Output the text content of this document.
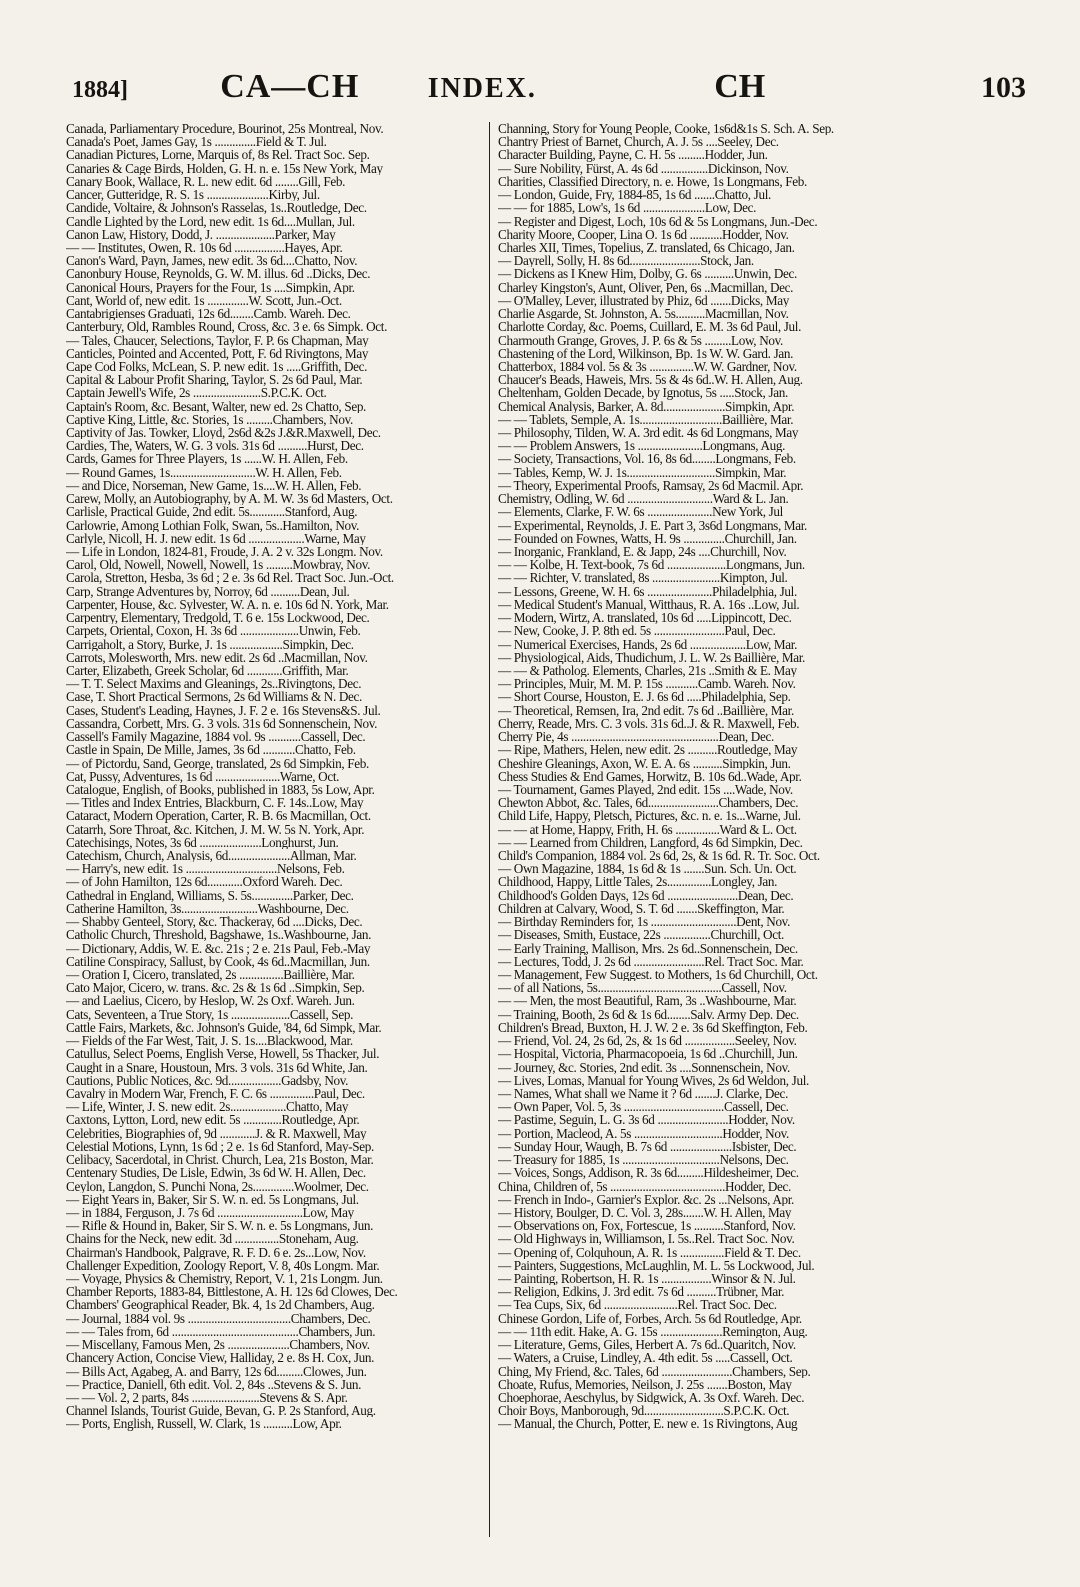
1884]	CA—CH	INDEX.	CH	103
Canada, Parliamentary Procedure, Bourinot, 25s Montreal, Nov.
Canada's Poet, James Gay, 1s ..............Field & T. Jul.
Canadian Pictures, Lorne, Marquis of, 8s Rel. Tract Soc. Sep.
Canaries & Cage Birds, Holden, G. H. n. e. 15s New York, May
Canary Book, Wallace, R. L. new edit. 6d ........Gill, Feb.
Cancer, Gutteridge, R. S. 1s .....................Kirby, Jul.
Candide, Voltaire, & Johnson's Rasselas, 1s..Routledge, Dec.
Candle Lighted by the Lord, new edit. 1s 6d....Mullan, Jul.
Canon Law, History, Dodd, J. ....................Parker, May
— — Institutes, Owen, R. 10s 6d .................Hayes, Apr.
Canon's Ward, Payn, James, new edit. 3s 6d....Chatto, Nov.
Canonbury House, Reynolds, G. W. M. illus. 6d ..Dicks, Dec.
Canonical Hours, Prayers for the Four, 1s ....Simpkin, Apr.
Cant, World of, new edit. 1s ..............W. Scott, Jun.-Oct.
Cantabrigienses Graduati, 12s 6d........Camb. Wareh. Dec.
Canterbury, Old, Rambles Round, Cross, &c. 3 e. 6s Simpk. Oct.
— Tales, Chaucer, Selections, Taylor, F. P. 6s Chapman, May
Canticles, Pointed and Accented, Pott, F. 6d Rivingtons, May
Cape Cod Folks, McLean, S. P. new edit. 1s .....Griffith, Dec.
Capital & Labour Profit Sharing, Taylor, S. 2s 6d Paul, Mar.
Captain Jewell's Wife, 2s .......................S.P.C.K. Oct.
Captain's Room, &c. Besant, Walter, new ed. 2s Chatto, Sep.
Captive King, Little, &c. Stories, 1s .........Chambers, Nov.
Captivity of Jas. Towker, Lloyd, 2s6d &2s J.&R.Maxwell, Dec.
Cardies, The, Waters, W. G. 3 vols. 31s 6d ..........Hurst, Dec.
Cards, Games for Three Players, 1s ......W. H. Allen, Feb.
— Round Games, 1s.............................W. H. Allen, Feb.
— and Dice, Norseman, New Game, 1s....W. H. Allen, Feb.
Carew, Molly, an Autobiography, by A. M. W. 3s 6d Masters, Oct.
Carlisle, Practical Guide, 2nd edit. 5s............Stanford, Aug.
Carlowrie, Among Lothian Folk, Swan, 5s..Hamilton, Nov.
Carlyle, Nicoll, H. J. new edit. 1s 6d ...................Warne, May
— Life in London, 1824-81, Froude, J. A. 2 v. 32s Longm. Nov.
Carol, Old, Nowell, Nowell, Nowell, 1s .........Mowbray, Nov.
Carola, Stretton, Hesba, 3s 6d ; 2 e. 3s 6d Rel. Tract Soc. Jun.-Oct.
Carp, Strange Adventures by, Norroy, 6d ..........Dean, Jul.
Carpenter, House, &c. Sylvester, W. A. n. e. 10s 6d N. York, Mar.
Carpentry, Elementary, Tredgold, T. 6 e. 15s Lockwood, Dec.
Carpets, Oriental, Coxon, H. 3s 6d ....................Unwin, Feb.
Carrigaholt, a Story, Burke, J. 1s ..................Simpkin, Dec.
Carrots, Molesworth, Mrs. new edit. 2s 6d ..Macmillan, Nov.
Carter, Elizabeth, Greek Scholar, 6d ............Griffith, Mar.
— T. T. Select Maxims and Gleanings, 2s..Rivingtons, Dec.
Case, T. Short Practical Sermons, 2s 6d Williams & N. Dec.
Cases, Student's Leading, Haynes, J. F. 2 e. 16s Stevens&S. Jul.
Cassandra, Corbett, Mrs. G. 3 vols. 31s 6d Sonnenschein, Nov.
Cassell's Family Magazine, 1884 vol. 9s ...........Cassell, Dec.
Castle in Spain, De Mille, James, 3s 6d ...........Chatto, Feb.
— of Pictordu, Sand, George, translated, 2s 6d Simpkin, Feb.
Cat, Pussy, Adventures, 1s 6d ......................Warne, Oct.
Catalogue, English, of Books, published in 1883, 5s Low, Apr.
— Titles and Index Entries, Blackburn, C. F. 14s..Low, May
Cataract, Modern Operation, Carter, R. B. 6s Macmillan, Oct.
Catarrh, Sore Throat, &c. Kitchen, J. M. W. 5s N. York, Apr.
Catechisings, Notes, 3s 6d .....................Longhurst, Jun.
Catechism, Church, Analysis, 6d.....................Allman, Mar.
— Harry's, new edit. 1s ...............................Nelsons, Feb.
— of John Hamilton, 12s 6d............Oxford Wareh. Dec.
Cathedral in England, Williams, S. 5s..............Parker, Dec.
Catherine Hamilton, 3s..........................Washbourne, Dec.
— Shabby Genteel, Story, &c. Thackeray, 6d ....Dicks, Dec.
Catholic Church, Threshold, Bagshawe, 1s..Washbourne, Jan.
— Dictionary, Addis, W. E. &c. 21s ; 2 e. 21s Paul, Feb.-May
Catiline Conspiracy, Sallust, by Cook, 4s 6d..Macmillan, Jun.
— Oration I, Cicero, translated, 2s ...............Baillière, Mar.
Cato Major, Cicero, w. trans. &c. 2s & 1s 6d ..Simpkin, Sep.
— and Laelius, Cicero, by Heslop, W. 2s Oxf. Wareh. Jun.
Cats, Seventeen, a True Story, 1s ....................Cassell, Sep.
Cattle Fairs, Markets, &c. Johnson's Guide, '84, 6d Simpk, Mar.
— Fields of the Far West, Tait, J. S. 1s....Blackwood, Mar.
Catullus, Select Poems, English Verse, Howell, 5s Thacker, Jul.
Caught in a Snare, Houstoun, Mrs. 3 vols. 31s 6d White, Jan.
Cautions, Public Notices, &c. 9d..................Gadsby, Nov.
Cavalry in Modern War, French, F. C. 6s ...............Paul, Dec.
— Life, Winter, J. S. new edit. 2s...................Chatto, May
Caxtons, Lytton, Lord, new edit. 5s .............Routledge, Apr.
Celebrities, Biographies of, 9d ............J. & R. Maxwell, May
Celestial Motions, Lynn, 1s 6d ; 2 e. 1s 6d Stanford, May-Sep.
Celibacy, Sacerdotal, in Christ. Church, Lea, 21s Boston, Mar.
Centenary Studies, De Lisle, Edwin, 3s 6d W. H. Allen, Dec.
Ceylon, Langdon, S. Punchi Nona, 2s..............Woolmer, Dec.
— Eight Years in, Baker, Sir S. W. n. ed. 5s Longmans, Jul.
— in 1884, Ferguson, J. 7s 6d .............................Low, May
— Rifle & Hound in, Baker, Sir S. W. n. e. 5s Longmans, Jun.
Chains for the Neck, new edit. 3d ...............Stoneham, Aug.
Chairman's Handbook, Palgrave, R. F. D. 6 e. 2s...Low, Nov.
Challenger Expedition, Zoology Report, V. 8, 40s Longm. Mar.
— Voyage, Physics & Chemistry, Report, V. 1, 21s Longm. Jun.
Chamber Reports, 1883-84, Bittlestone, A. H. 12s 6d Clowes, Dec.
Chambers' Geographical Reader, Bk. 4, 1s 2d Chambers, Aug.
— Journal, 1884 vol. 9s ...................................Chambers, Dec.
— — Tales from, 6d ...........................................Chambers, Jun.
— Miscellany, Famous Men, 2s .....................Chambers, Nov.
Chancery Action, Concise View, Halliday, 2 e. 8s H. Cox, Jun.
— Bills Act, Agabeg, A. and Barry, 12s 6d.........Clowes, Jun.
— Practice, Daniell, 6th edit. Vol. 2, 84s ..Stevens & S. Jun.
— — Vol. 2, 2 parts, 84s .......................Stevens & S. Apr.
Channel Islands, Tourist Guide, Bevan, G. P. 2s Stanford, Aug.
— Ports, English, Russell, W. Clark, 1s ..........Low, Apr.
Channing, Story for Young People, Cooke, 1s6d&1s S. Sch. A. Sep.
Chantry Priest of Barnet, Church, A. J. 5s ....Seeley, Dec.
Character Building, Payne, C. H. 5s .........Hodder, Jun.
— Sure Nobility, Fürst, A. 4s 6d ................Dickinson, Nov.
Charities, Classified Directory, n. e. Howe, 1s Longmans, Feb.
— London, Guide, Fry, 1884-85, 1s 6d .......Chatto, Jul.
— — for 1885, Low's, 1s 6d .....................Low, Dec.
— Register and Digest, Loch, 10s 6d & 5s Longmans, Jun.-Dec.
Charity Moore, Cooper, Lina O. 1s 6d ...........Hodder, Nov.
Charles XII, Times, Topelius, Z. translated, 6s Chicago, Jan.
— Dayrell, Solly, H. 8s 6d........................Stock, Jan.
— Dickens as I Knew Him, Dolby, G. 6s ..........Unwin, Dec.
Charley Kingston's, Aunt, Oliver, Pen, 6s ..Macmillan, Dec.
— O'Malley, Lever, illustrated by Phiz, 6d .......Dicks, May
Charlie Asgarde, St. Johnston, A. 5s..........Macmillan, Nov.
Charlotte Corday, &c. Poems, Cuillard, E. M. 3s 6d Paul, Jul.
Charmouth Grange, Groves, J. P. 6s & 5s .........Low, Nov.
Chastening of the Lord, Wilkinson, Bp. 1s W. W. Gard. Jan.
Chatterbox, 1884 vol. 5s & 3s ...............W. W. Gardner, Nov.
Chaucer's Beads, Haweis, Mrs. 5s & 4s 6d..W. H. Allen, Aug.
Cheltenham, Golden Decade, by Ignotus, 5s .....Stock, Jan.
Chemical Analysis, Barker, A. 8d.....................Simpkin, Apr.
— — Tablets, Semple, A. 1s............................Baillière, Mar.
— Philosophy, Tilden, W. A. 3rd edit. 4s 6d Longmans, May
— — Problem Answers, 1s ......................Longmans, Aug.
— Society, Transactions, Vol. 16, 8s 6d........Longmans, Feb.
— Tables, Kemp, W. J. 1s..............................Simpkin, Mar.
— Theory, Experimental Proofs, Ramsay, 2s 6d Macmil. Apr.
Chemistry, Odling, W. 6d .............................Ward & L. Jan.
— Elements, Clarke, F. W. 6s ......................New York, Jul
— Experimental, Reynolds, J. E. Part 3, 3s6d Longmans, Mar.
— Founded on Fownes, Watts, H. 9s ..............Churchill, Jan.
— Inorganic, Frankland, E. & Japp, 24s ....Churchill, Nov.
— — Kolbe, H. Text-book, 7s 6d ....................Longmans, Jun.
— — Richter, V. translated, 8s .......................Kimpton, Jul.
— Lessons, Greene, W. H. 6s ......................Philadelphia, Jul.
— Medical Student's Manual, Witthaus, R. A. 16s ..Low, Jul.
— Modern, Wirtz, A. translated, 10s 6d .....Lippincott, Dec.
— New, Cooke, J. P. 8th ed. 5s ........................Paul, Dec.
— Numerical Exercises, Hands, 2s 6d ...................Low, Mar.
— Physiological, Aids, Thudichum, J. L. W. 2s Baillière, Mar.
— — & Patholog. Elements, Charles, 21s ..Smith & E. May
— Principles, Muir, M. M. P. 15s ...........Camb. Wareh. Nov.
— Short Course, Houston, E. J. 6s 6d .....Philadelphia, Sep.
— Theoretical, Remsen, Ira, 2nd edit. 7s 6d ..Baillière, Mar.
Cherry, Reade, Mrs. C. 3 vols. 31s 6d..J. & R. Maxwell, Feb.
Cherry Pie, 4s ..................................................Dean, Dec.
— Ripe, Mathers, Helen, new edit. 2s ..........Routledge, May
Cheshire Gleanings, Axon, W. E. A. 6s ..........Simpkin, Jun.
Chess Studies & End Games, Horwitz, B. 10s 6d..Wade, Apr.
— Tournament, Games Played, 2nd edit. 15s ....Wade, Nov.
Chewton Abbot, &c. Tales, 6d........................Chambers, Dec.
Child Life, Happy, Pletsch, Pictures, &c. n. e. 1s...Warne, Jul.
— — at Home, Happy, Frith, H. 6s ...............Ward & L. Oct.
— — Learned from Children, Langford, 4s 6d Simpkin, Dec.
Child's Companion, 1884 vol. 2s 6d, 2s, & 1s 6d. R. Tr. Soc. Oct.
— Own Magazine, 1884, 1s 6d & 1s .......Sun. Sch. Un. Oct.
Childhood, Happy, Little Tales, 2s...............Longley, Jan.
Childhood's Golden Days, 12s 6d ........................Dean, Dec.
Children at Calvary, Wood, S. T. 6d .......Skeffington, Mar.
— Birthday Reminders for, 1s .............................Dent, Nov.
— Diseases, Smith, Eustace, 22s ................Churchill, Oct.
— Early Training, Mallison, Mrs. 2s 6d..Sonnenschein, Dec.
— Lectures, Todd, J. 2s 6d ........................Rel. Tract Soc. Mar.
— Management, Few Suggest. to Mothers, 1s 6d Churchill, Oct.
— of all Nations, 5s..........................................Cassell, Nov.
— — Men, the most Beautiful, Ram, 3s ..Washbourne, Mar.
— Training, Booth, 2s 6d & 1s 6d........Salv. Army Dep. Dec.
Children's Bread, Buxton, H. J. W. 2 e. 3s 6d Skeffington, Feb.
— Friend, Vol. 24, 2s 6d, 2s, & 1s 6d .................Seeley, Nov.
— Hospital, Victoria, Pharmacopoeia, 1s 6d ..Churchill, Jun.
— Journey, &c. Stories, 2nd edit. 3s ....Sonnenschein, Nov.
— Lives, Lomas, Manual for Young Wives, 2s 6d Weldon, Jul.
— Names, What shall we Name it ? 6d .......J. Clarke, Dec.
— Own Paper, Vol. 5, 3s ..................................Cassell, Dec.
— Pastime, Seguin, L. G. 3s 6d ........................Hodder, Nov.
— Portion, Macleod, A. 5s ..............................Hodder, Nov.
— Sunday Hour, Waugh, B. 7s 6d .....................Isbister, Dec.
— Treasury for 1885, 1s .................................Nelsons, Dec.
— Voices, Songs, Addison, R. 3s 6d.........Hildesheimer, Dec.
China, Children of, 5s .......................................Hodder, Dec.
— French in Indo-, Garnier's Explor. &c. 2s ...Nelsons, Apr.
— History, Boulger, D. C. Vol. 3, 28s.......W. H. Allen, May
— Observations on, Fox, Fortescue, 1s ..........Stanford, Nov.
— Old Highways in, Williamson, I. 5s..Rel. Tract Soc. Nov.
— Opening of, Colquhoun, A. R. 1s ...............Field & T. Dec.
— Painters, Suggestions, McLaughlin, M. L. 5s Lockwood, Jul.
— Painting, Robertson, H. R. 1s .................Winsor & N. Jul.
— Religion, Edkins, J. 3rd edit. 7s 6d ..........Trübner, Mar.
— Tea Cups, Six, 6d .........................Rel. Tract Soc. Dec.
Chinese Gordon, Life of, Forbes, Arch. 5s 6d Routledge, Apr.
— — 11th edit. Hake, A. G. 15s .....................Remington, Aug.
— Literature, Gems, Giles, Herbert A. 7s 6d..Quaritch, Nov.
— Waters, a Cruise, Lindley, A. 4th edit. 5s .....Cassell, Oct.
Ching, My Friend, &c. Tales, 6d ........................Chambers, Sep.
Choate, Rufus, Memories, Neilson, J. 25s .......Boston, May
Choephorae, Aeschylus, by Sidgwick, A. 3s Oxf. Wareh. Dec.
Choir Boys, Manborough, 9d...........................S.P.C.K. Oct.
— Manual, the Church, Potter, E. new e. 1s Rivingtons, Aug
